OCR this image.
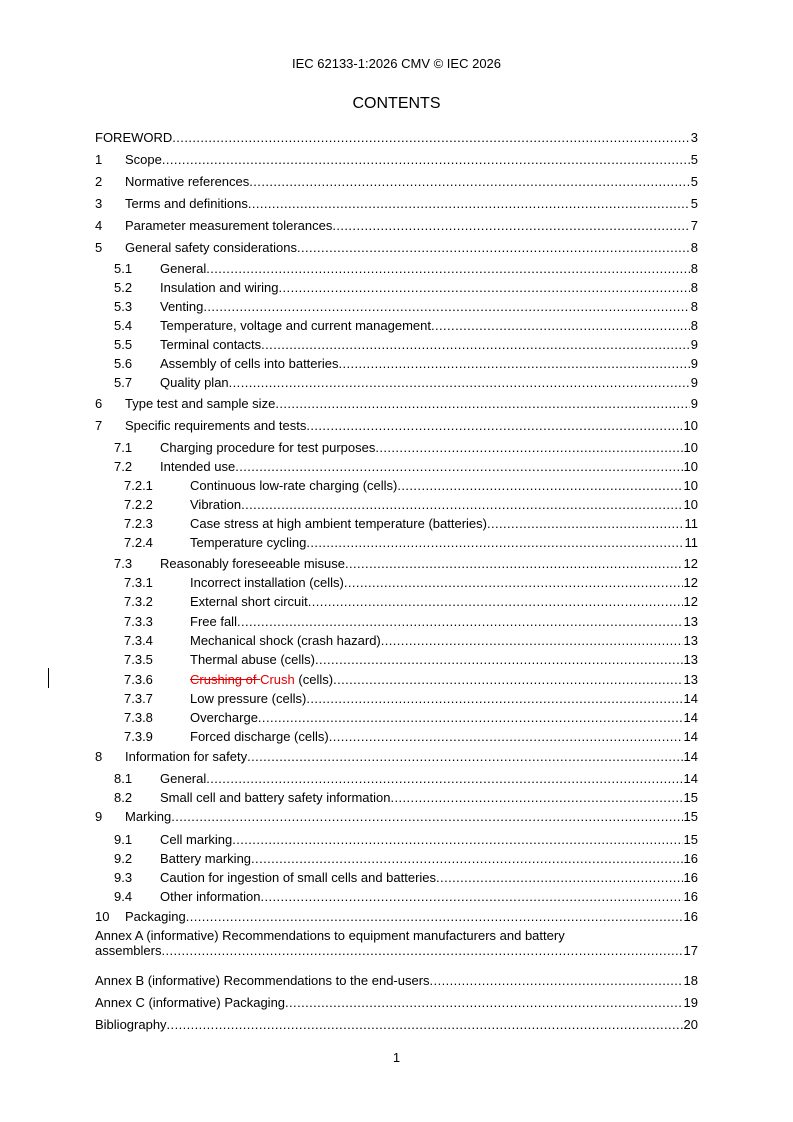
IEC 62133-1:2026 CMV © IEC 2026
CONTENTS
FOREWORD .....	3
1	Scope .....	5
2	Normative references .....	5
3	Terms and definitions .....	5
4	Parameter measurement tolerances .....	7
5	General safety considerations .....	8
5.1	General .....	8
5.2	Insulation and wiring .....	8
5.3	Venting .....	8
5.4	Temperature, voltage and current management .....	8
5.5	Terminal contacts .....	9
5.6	Assembly of cells into batteries .....	9
5.7	Quality plan .....	9
6	Type test and sample size .....	9
7	Specific requirements and tests .....	10
7.1	Charging procedure for test purposes .....	10
7.2	Intended use .....	10
7.2.1	Continuous low-rate charging (cells) .....	10
7.2.2	Vibration .....	10
7.2.3	Case stress at high ambient temperature (batteries) .....	11
7.2.4	Temperature cycling .....	11
7.3	Reasonably foreseeable misuse .....	12
7.3.1	Incorrect installation (cells) .....	12
7.3.2	External short circuit .....	12
7.3.3	Free fall .....	13
7.3.4	Mechanical shock (crash hazard) .....	13
7.3.5	Thermal abuse (cells) .....	13
7.3.6	Crushing of Crush (cells) .....	13
7.3.7	Low pressure (cells) .....	14
7.3.8	Overcharge .....	14
7.3.9	Forced discharge (cells) .....	14
8	Information for safety .....	14
8.1	General .....	14
8.2	Small cell and battery safety information .....	15
9	Marking .....	15
9.1	Cell marking .....	15
9.2	Battery marking .....	16
9.3	Caution for ingestion of small cells and batteries .....	16
9.4	Other information .....	16
10	Packaging .....	16
Annex A (informative) Recommendations to equipment manufacturers and battery
assemblers .....	17
Annex B (informative) Recommendations to the end-users .....	18
Annex C (informative) Packaging .....	19
Bibliography .....	20
1
